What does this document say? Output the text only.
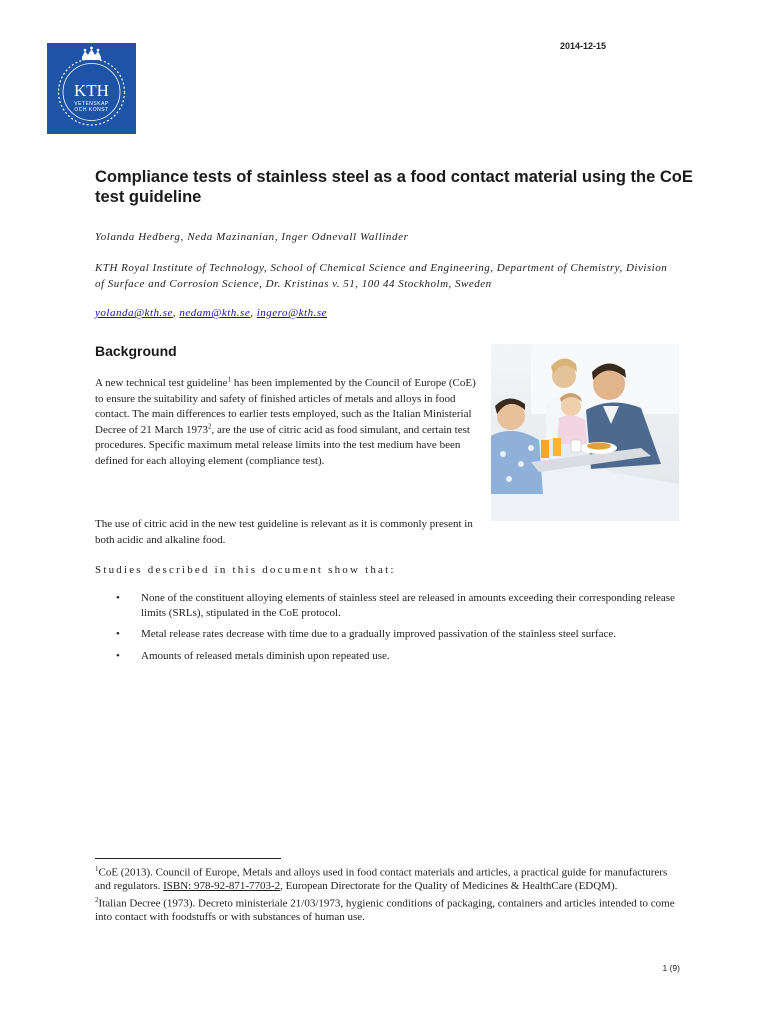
KTH
VETENSKAP
OCH KONST
2014-12-15
Compliance tests of stainless steel as a food contact material using the CoE test guideline
Yolanda Hedberg, Neda Mazinanian, Inger Odnevall Wallinder
KTH Royal Institute of Technology, School of Chemical Science and Engineering, Department of Chemistry, Division of Surface and Corrosion Science, Dr. Kristinas v. 51, 100 44 Stockholm, Sweden
yolanda@kth.se, nedam@kth.se, ingero@kth.se
Background

A new technical test guideline$^1$ has been implemented by the Council of Europe (CoE) to ensure the suitability and safety of finished articles of metals and alloys in food contact. The main differences to earlier tests employed, such as the Italian Ministerial Decree of 21 March 1973$^2$, are the use of citric acid as food simulant, and certain test procedures. Specific maximum metal release limits into the test medium have been defined for each alloying element (compliance test).

The use of citric acid in the new test guideline is relevant as it is commonly present in both acidic and alkaline food.

Studies described in this document show that:
• None of the constituent alloying elements of stainless steel are released in amounts exceeding their corresponding release limits (SRLs), stipulated in the CoE protocol.
• Metal release rates decrease with time due to a gradually improved passivation of the stainless steel surface.
• Amounts of released metals diminish upon repeated use.

$^1$CoE (2013). Council of Europe, Metals and alloys used in food contact materials and articles, a practical guide for manufacturers and regulators. ISBN: 978-92-871-7703-2, European Directorate for the Quality of Medicines & HealthCare (EDQM).

$^2$Italian Decree (1973). Decreto ministeriale 21/03/1973, hygienic conditions of packaging, containers and articles intended to come into contact with foodstuffs or with substances of human use.

1 (9)
